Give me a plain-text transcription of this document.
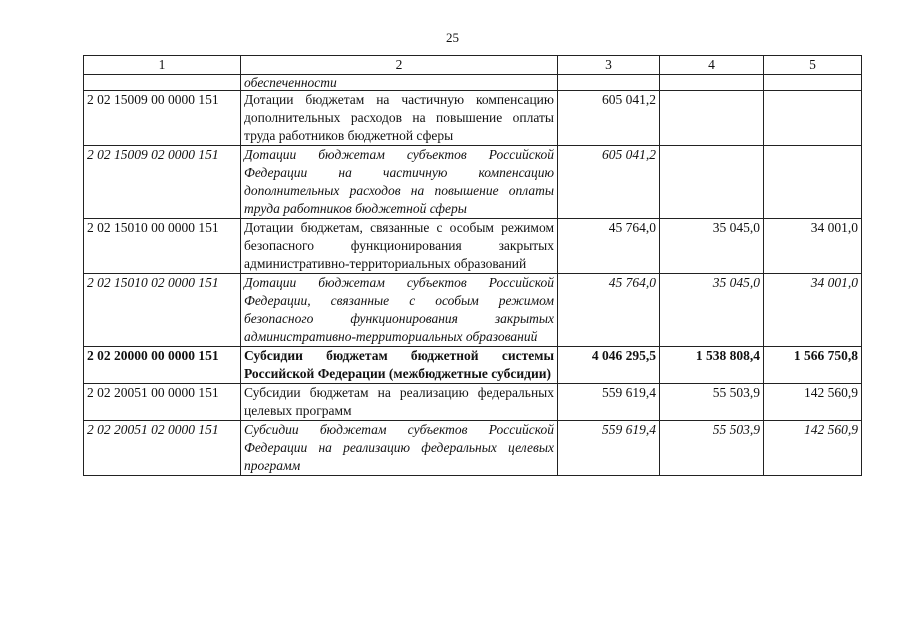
25
1	2	3	4	5
	обеспеченности			
2 02 15009 00 0000 151	Дотации бюджетам на частичную компенсацию дополнительных расходов на повышение оплаты труда работников бюджетной сферы	605 041,2		
2 02 15009 02 0000 151	Дотации бюджетам субъектов Российской Федерации на частичную компенсацию дополнительных расходов на повышение оплаты труда работников бюджетной сферы	605 041,2		
2 02 15010 00 0000 151	Дотации бюджетам, связанные с особым режимом безопасного функционирования закрытых административно-территориальных образований	45 764,0	35 045,0	34 001,0
2 02 15010 02 0000 151	Дотации бюджетам субъектов Российской Федерации, связанные с особым режимом безопасного функционирования закрытых административно-территориальных образований	45 764,0	35 045,0	34 001,0
2 02 20000 00 0000 151	Субсидии бюджетам бюджетной системы Российской Федерации (межбюджетные субсидии)	4 046 295,5	1 538 808,4	1 566 750,8
2 02 20051 00 0000 151	Субсидии бюджетам на реализацию федеральных целевых программ	559 619,4	55 503,9	142 560,9
2 02 20051 02 0000 151	Субсидии бюджетам субъектов Российской Федерации на реализацию федеральных целевых программ	559 619,4	55 503,9	142 560,9
